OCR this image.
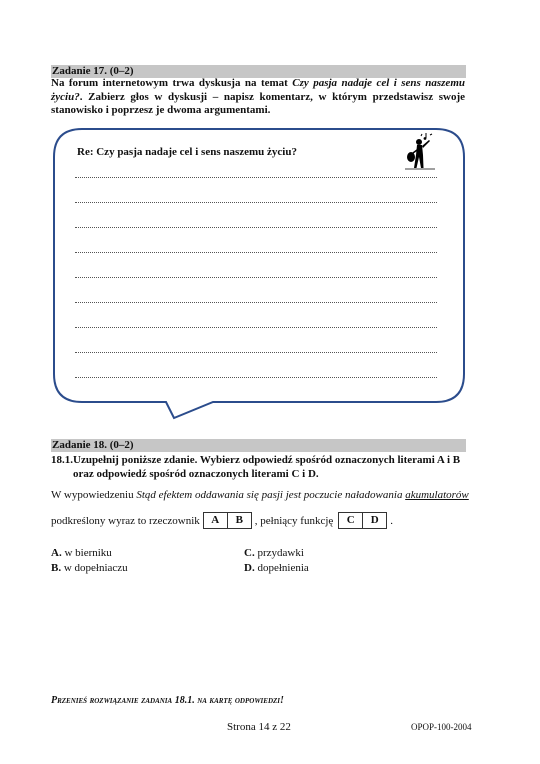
Zadanie 17. (0–2)
Na forum internetowym trwa dyskusja na temat Czy pasja nadaje cel i sens naszemu życiu?. Zabierz głos w dyskusji – napisz komentarz, w którym przedstawisz swoje stanowisko i poprzesz je dwoma argumentami.
Re: Czy pasja nadaje cel i sens naszemu życiu?
Zadanie 18. (0–2)
18.1.Uzupełnij poniższe zdanie. Wybierz odpowiedź spośród oznaczonych literami A i B
oraz odpowiedź spośród oznaczonych literami C i D.
W wypowiedzeniu Stąd efektem oddawania się pasji jest poczucie naładowania akumulatorów
podkreślony wyraz to rzeczownik	A	B	, pełniący funkcję	C	D	.
A. w bierniku
B. w dopełniaczu
C. przydawki
D. dopełnienia
Przenieś rozwiązanie zadania 18.1. na kartę odpowiedzi!
Strona 14 z 22	OPOP-100-2004
